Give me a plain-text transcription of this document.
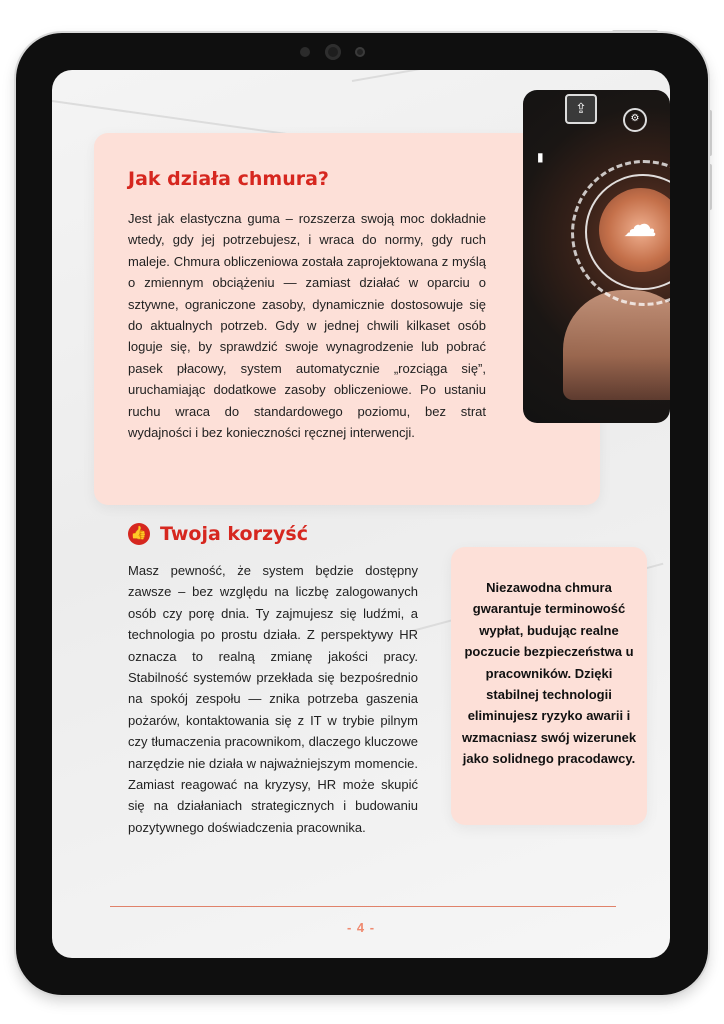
Jak działa chmura?

Jest jak elastyczna guma – rozszerza swoją moc dokładnie wtedy, gdy jej potrzebujesz, i wraca do normy, gdy ruch maleje. Chmura obliczeniowa została zaprojektowana z myślą o zmiennym obciążeniu — zamiast działać w oparciu o sztywne, ograniczone zasoby, dynamicznie dostosowuje się do aktualnych potrzeb. Gdy w jednej chwili kilkaset osób loguje się, by sprawdzić swoje wynagrodzenie lub pobrać pasek płacowy, system automatycznie „rozciąga się”, uruchamiając dodatkowe zasoby obliczeniowe. Po ustaniu ruchu wraca do standardowego poziomu, bez strat wydajności i bez konieczności ręcznej interwencji.

☁
⇪
⚙
▮
👍 Twoja korzyść

Masz pewność, że system będzie dostępny zawsze – bez względu na liczbę zalogowanych osób czy porę dnia. Ty zajmujesz się ludźmi, a technologia po prostu działa. Z perspektywy HR oznacza to realną zmianę jakości pracy. Stabilność systemów przekłada się bezpośrednio na spokój zespołu — znika potrzeba gaszenia pożarów, kontaktowania się z IT w trybie pilnym czy tłumaczenia pracownikom, dlaczego kluczowe narzędzie nie działa w najważniejszym momencie. Zamiast reagować na kryzysy, HR może skupić się na działaniach strategicznych i budowaniu pozytywnego doświadczenia pracownika.

Niezawodna chmura gwarantuje terminowość wypłat, budując realne poczucie bezpieczeństwa u pracowników. Dzięki stabilnej technologii eliminujesz ryzyko awarii i wzmacniasz swój wizerunek jako solidnego pracodawcy.

- 4 -
